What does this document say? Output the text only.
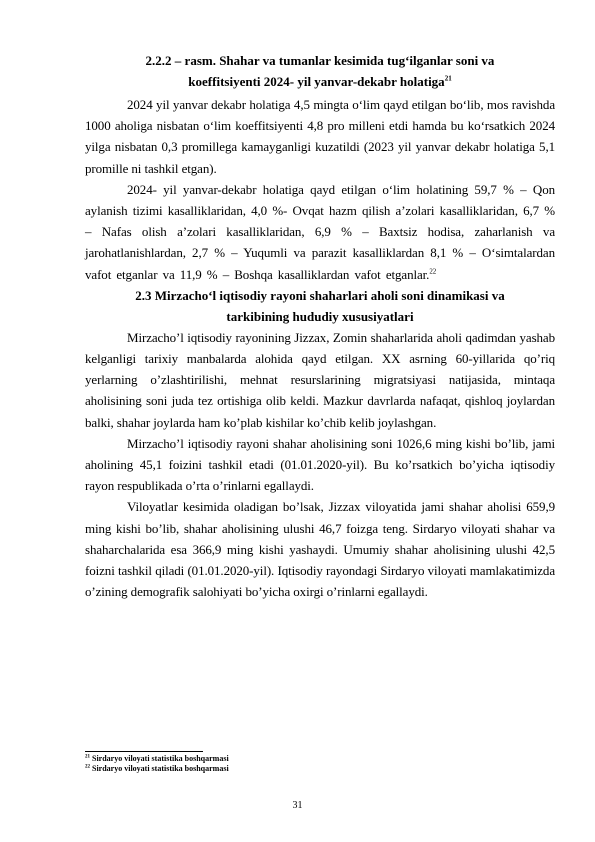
2.2.2 – rasm. Shahar va tumanlar kesimida tug‘ilganlar soni va
koeffitsiyenti 2024- yil yanvar-dekabr holatiga$^{21}$

2024 yil yanvar dekabr holatiga 4,5 mingta o‘lim qayd etilgan bo‘lib, mos ravishda 1000 aholiga nisbatan o‘lim koeffitsiyenti 4,8 pro milleni etdi hamda bu ko‘rsatkich 2024 yilga nisbatan 0,3 promillega kamayganligi kuzatildi (2023 yil yanvar dekabr holatiga 5,1 promille ni tashkil etgan).

2024- yil yanvar-dekabr holatiga qayd etilgan o‘lim holatining 59,7 % – Qon aylanish tizimi kasalliklaridan, 4,0 %- Ovqat hazm qilish a’zolari kasalliklaridan, 6,7 % – Nafas olish a’zolari kasalliklaridan, 6,9 % – Baxtsiz hodisa, zaharlanish va jarohatlanishlardan, 2,7 % – Yuqumli va parazit kasalliklardan 8,1 % – O‘simtalardan vafot etganlar va 11,9 % – Boshqa kasalliklardan vafot etganlar.$^{22}$

2.3 Mirzacho‘l iqtisodiy rayoni shaharlari aholi soni dinamikasi va
tarkibining hududiy xususiyatlari

Mirzacho’l iqtisodiy rayonining Jizzax, Zomin shaharlarida aholi qadimdan yashab kelganligi tarixiy manbalarda alohida qayd etilgan. XX asrning 60-yillarida qo’riq yerlarning o’zlashtirilishi, mehnat resurslarining migratsiyasi natijasida, mintaqa aholisining soni juda tez ortishiga olib keldi. Mazkur davrlarda nafaqat, qishloq joylardan balki, shahar joylarda ham ko’plab kishilar ko’chib kelib joylashgan.

Mirzacho’l iqtisodiy rayoni shahar aholisining soni 1026,6 ming kishi bo’lib, jami aholining 45,1 foizini tashkil etadi (01.01.2020-yil). Bu ko’rsatkich bo’yicha iqtisodiy rayon respublikada o’rta o’rinlarni egallaydi.

Viloyatlar kesimida oladigan bo’lsak, Jizzax viloyatida jami shahar aholisi 659,9 ming kishi bo’lib, shahar aholisining ulushi 46,7 foizga teng. Sirdaryo viloyati shahar va shaharchalarida esa 366,9 ming kishi yashaydi. Umumiy shahar aholisining ulushi 42,5 foizni tashkil qiladi (01.01.2020-yil). Iqtisodiy rayondagi Sirdaryo viloyati mamlakatimizda o’zining demografik salohiyati bo’yicha oxirgi o’rinlarni egallaydi.

$^{21}$ Sirdaryo viloyati statistika boshqarmasi
$^{22}$ Sirdaryo viloyati statistika boshqarmasi
31
